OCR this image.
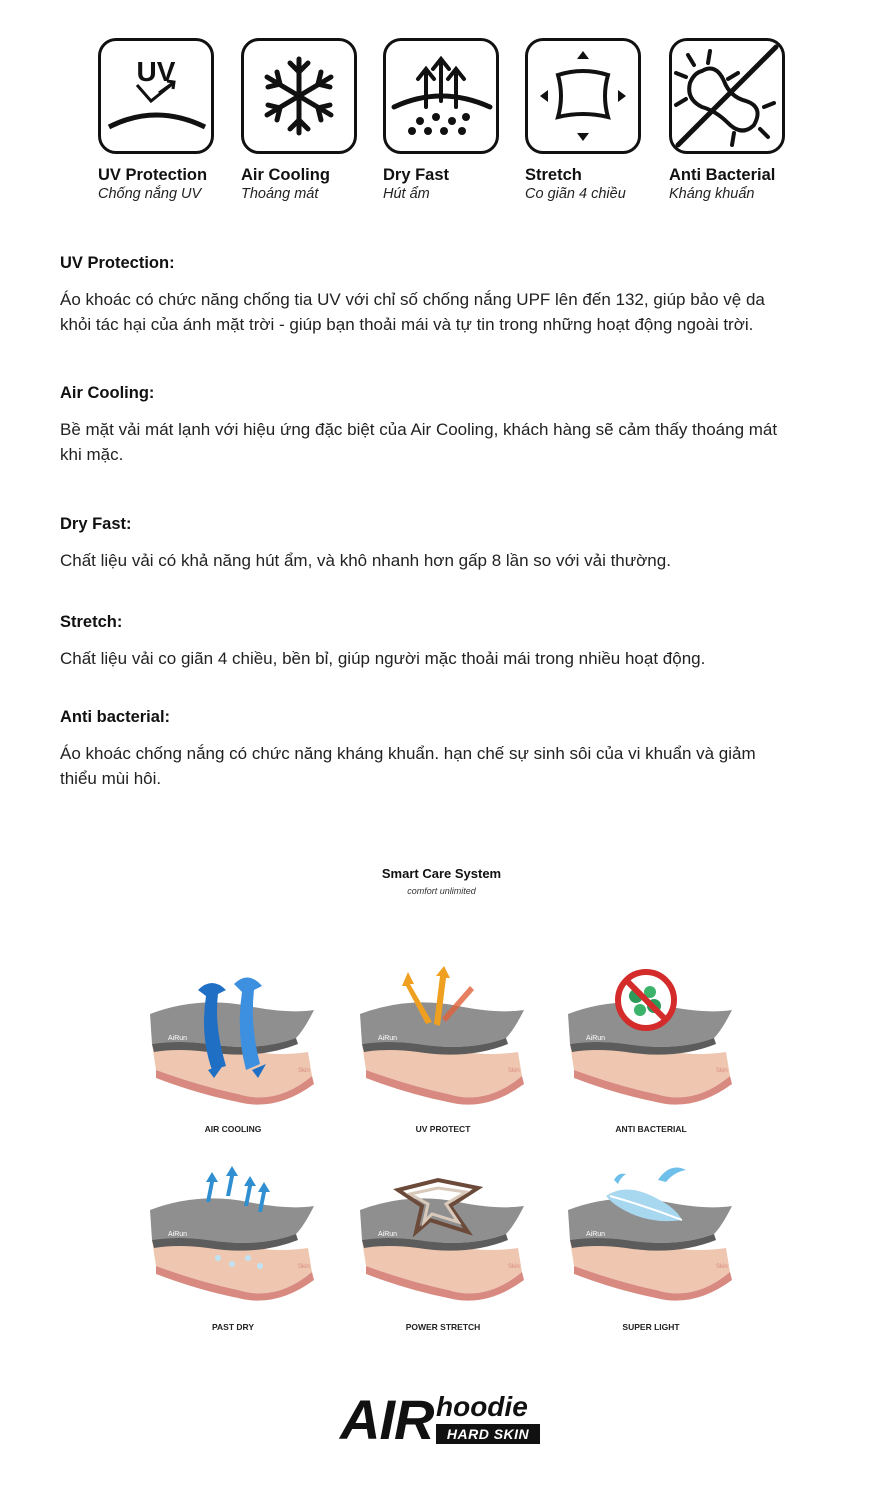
UV
UV Protection
Chống nắng UV
Air Cooling
Thoáng mát
Dry Fast
Hút ẩm
Stretch
Co giãn 4 chiều
Anti Bacterial
Kháng khuẩn
UV Protection:
Áo khoác có chức năng chống tia UV với chỉ số chống nắng UPF lên đến 132, giúp bảo vệ da
khỏi tác hại của ánh mặt trời - giúp bạn thoải mái và tự tin trong những hoạt động ngoài trời.
Air Cooling:
Bề mặt vải mát lạnh với hiệu ứng đặc biệt của Air Cooling, khách hàng sẽ cảm thấy thoáng mát
khi mặc.
Dry Fast:
Chất liệu vải có khả năng hút ẩm, và khô nhanh hơn gấp 8 lần so với vải thường.
Stretch:
Chất liệu vải co giãn 4 chiều, bền bỉ, giúp người mặc thoải mái trong nhiều hoạt động.
Anti bacterial:
Áo khoác chống nắng có chức năng kháng khuẩn. hạn chế sự sinh sôi của vi khuẩn và giảm
thiểu mùi hôi.
Smart Care System
comfort unlimited
AiRun
Skin
AIR COOLING
AiRun
Skin
UV PROTECT
AiRun
Skin
ANTI BACTERIAL
AiRun
Skin
PAST DRY
AiRun
Skin
POWER STRETCH
AiRun
Skin
SUPER LIGHT
AIR hoodie
HARD SKIN
